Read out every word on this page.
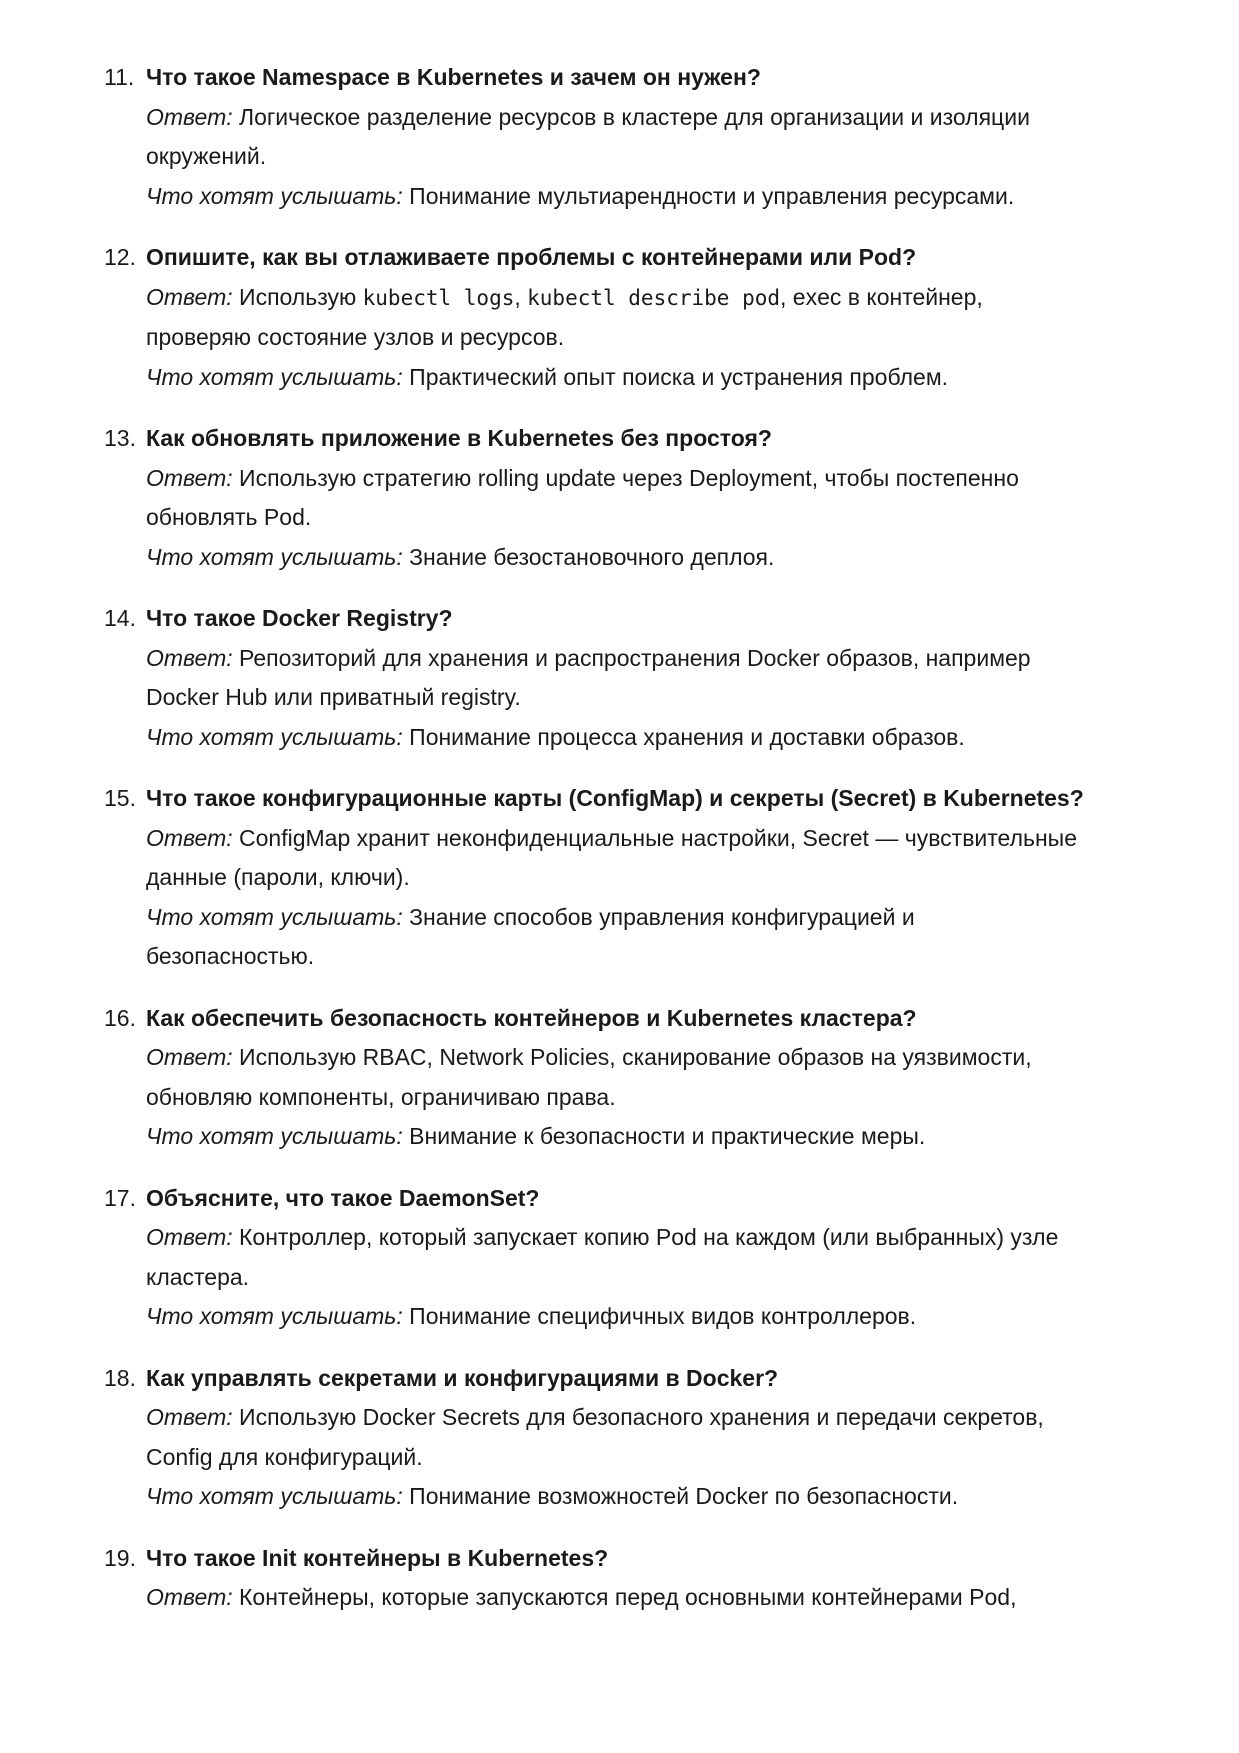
11. Что такое Namespace в Kubernetes и зачем он нужен?
Ответ: Логическое разделение ресурсов в кластере для организации и изоляции
окружений.
Что хотят услышать: Понимание мультиарендности и управления ресурсами.
12. Опишите, как вы отлаживаете проблемы с контейнерами или Pod?
Ответ: Использую kubectl logs, kubectl describe pod, exec в контейнер,
проверяю состояние узлов и ресурсов.
Что хотят услышать: Практический опыт поиска и устранения проблем.
13. Как обновлять приложение в Kubernetes без простоя?
Ответ: Использую стратегию rolling update через Deployment, чтобы постепенно
обновлять Pod.
Что хотят услышать: Знание безостановочного деплоя.
14. Что такое Docker Registry?
Ответ: Репозиторий для хранения и распространения Docker образов, например
Docker Hub или приватный registry.
Что хотят услышать: Понимание процесса хранения и доставки образов.
15. Что такое конфигурационные карты (ConfigMap) и секреты (Secret) в Kubernetes?
Ответ: ConfigMap хранит неконфиденциальные настройки, Secret — чувствительные
данные (пароли, ключи).
Что хотят услышать: Знание способов управления конфигурацией и
безопасностью.
16. Как обеспечить безопасность контейнеров и Kubernetes кластера?
Ответ: Использую RBAC, Network Policies, сканирование образов на уязвимости,
обновляю компоненты, ограничиваю права.
Что хотят услышать: Внимание к безопасности и практические меры.
17. Объясните, что такое DaemonSet?
Ответ: Контроллер, который запускает копию Pod на каждом (или выбранных) узле
кластера.
Что хотят услышать: Понимание специфичных видов контроллеров.
18. Как управлять секретами и конфигурациями в Docker?
Ответ: Использую Docker Secrets для безопасного хранения и передачи секретов,
Config для конфигураций.
Что хотят услышать: Понимание возможностей Docker по безопасности.
19. Что такое Init контейнеры в Kubernetes?
Ответ: Контейнеры, которые запускаются перед основными контейнерами Pod,
